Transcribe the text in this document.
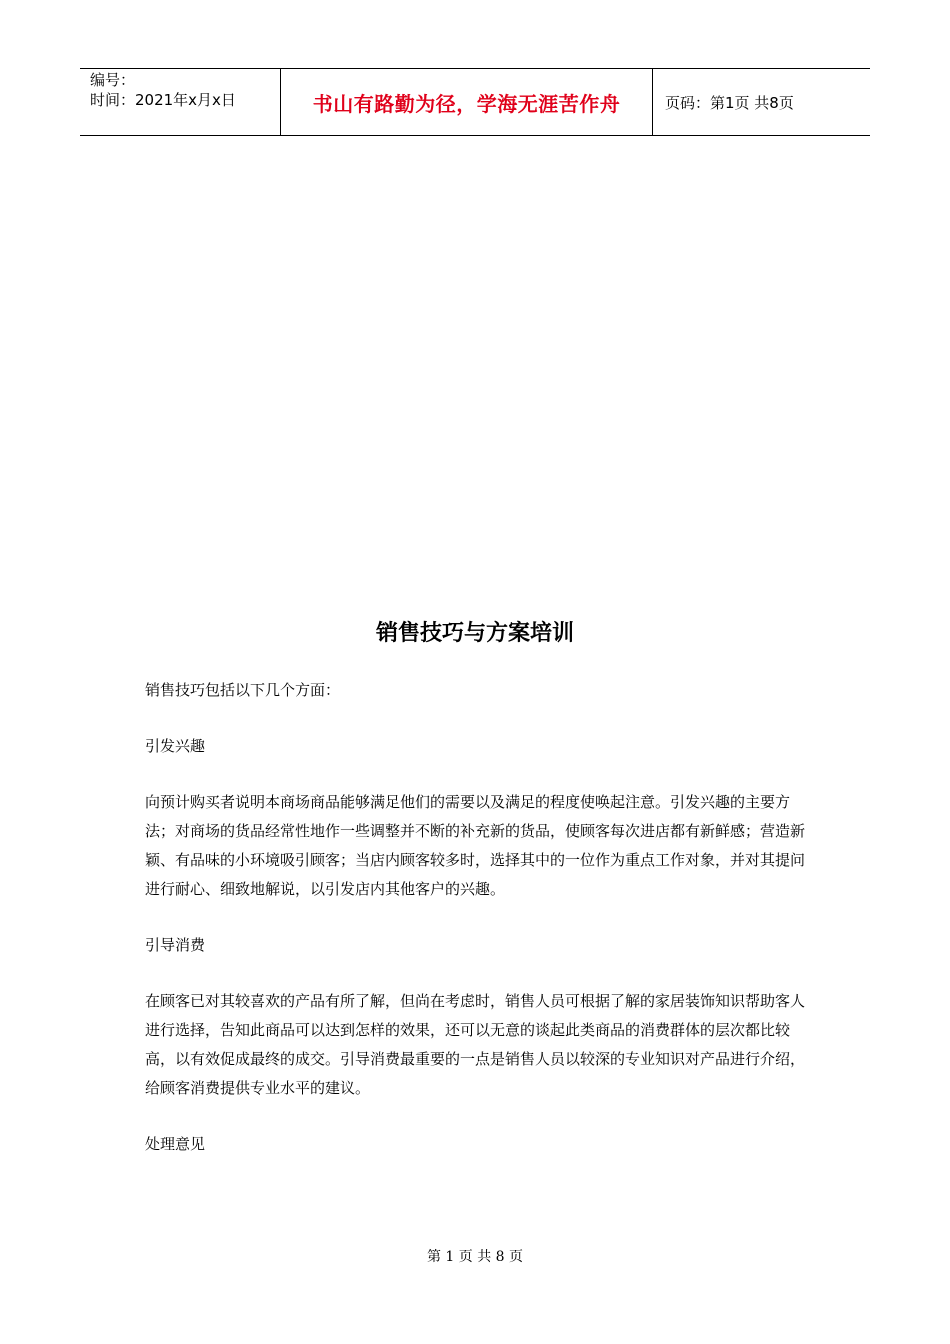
编号：
时间：2021年x月x日	书山有路勤为径，学海无涯苦作舟	页码：第1页 共8页
销售技巧与方案培训

销售技巧包括以下几个方面：

引发兴趣

向预计购买者说明本商场商品能够满足他们的需要以及满足的程度使唤起注意。引发兴趣的主要方法；对商场的货品经常性地作一些调整并不断的补充新的货品，使顾客每次进店都有新鲜感；营造新颖、有品味的小环境吸引顾客；当店内顾客较多时，选择其中的一位作为重点工作对象，并对其提问进行耐心、细致地解说，以引发店内其他客户的兴趣。

引导消费

在顾客已对其较喜欢的产品有所了解，但尚在考虑时，销售人员可根据了解的家居装饰知识帮助客人进行选择，告知此商品可以达到怎样的效果，还可以无意的谈起此类商品的消费群体的层次都比较高，以有效促成最终的成交。引导消费最重要的一点是销售人员以较深的专业知识对产品进行介绍，给顾客消费提供专业水平的建议。

处理意见

第 1 页 共 8 页
